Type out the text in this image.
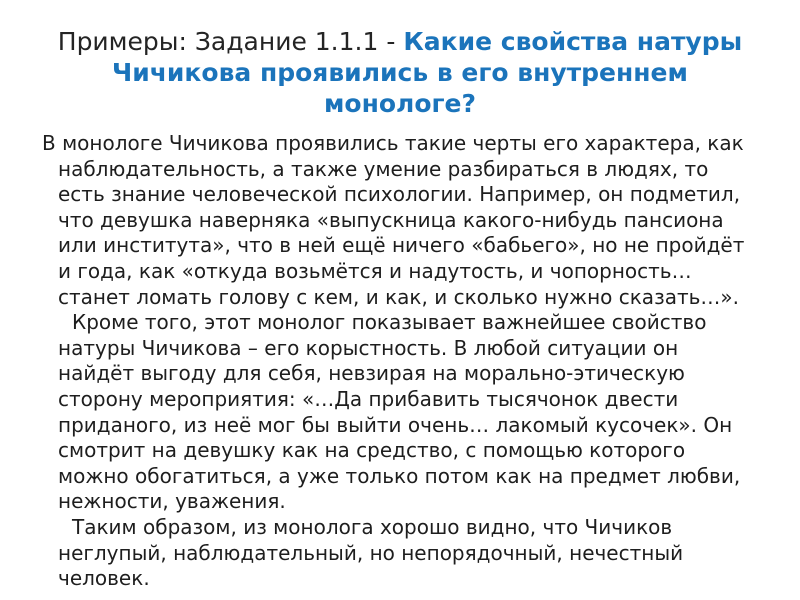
Примеры: Задание 1.1.1 - Какие свойства натуры
Чичикова проявились в его внутреннем
монологе?
В монологе Чичикова проявились такие черты его характера, как
наблюдательность, а также умение разбираться в людях, то
есть знание человеческой психологии. Например, он подметил,
что девушка наверняка «выпускница какого-нибудь пансиона
или института», что в ней ещё ничего «бабьего», но не пройдёт
и года, как «откуда возьмётся и надутость, и чопорность…
станет ломать голову с кем, и как, и сколько нужно сказать…».
Кроме того, этот монолог показывает важнейшее свойство
натуры Чичикова – его корыстность. В любой ситуации он
найдёт выгоду для себя, невзирая на морально-этическую
сторону мероприятия: «…Да прибавить тысячонок двести
приданого, из неё мог бы выйти очень… лакомый кусочек». Он
смотрит на девушку как на средство, с помощью которого
можно обогатиться, а уже только потом как на предмет любви,
нежности, уважения.
Таким образом, из монолога хорошо видно, что Чичиков
неглупый, наблюдательный, но непорядочный, нечестный
человек.
